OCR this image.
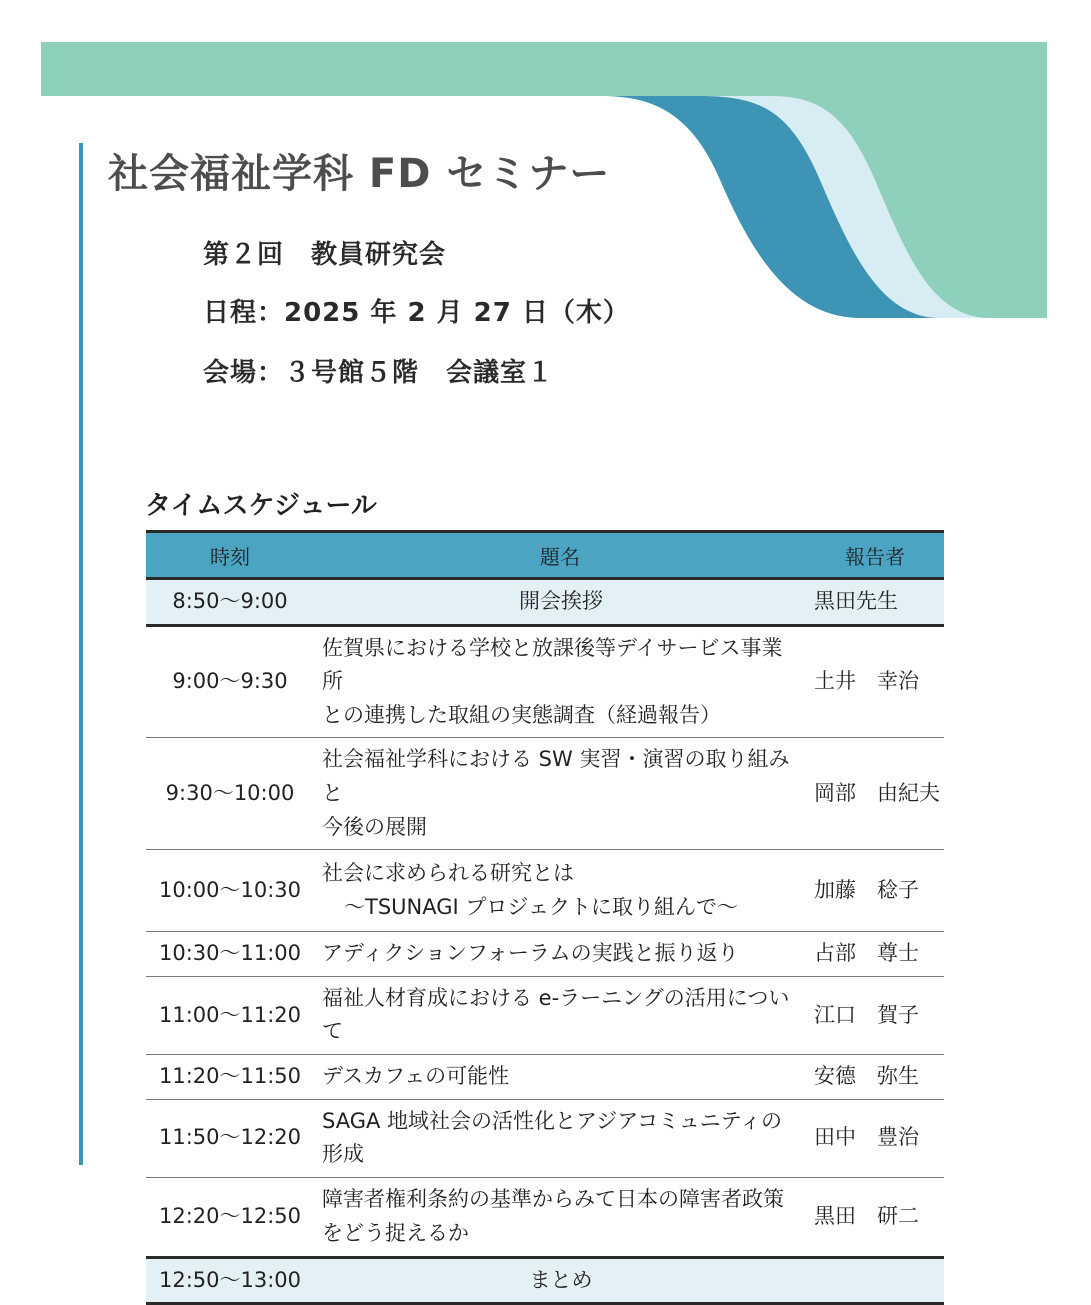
社会福祉学科 FD セミナー

第２回　教員研究会

日程：2025 年 2 月 27 日（木）

会場：３号館５階　会議室１

タイムスケジュール
時刻	題名	報告者
8:50～9:00	開会挨拶	黒田先生
9:00～9:30	佐賀県における学校と放課後等デイサービス事業所
との連携した取組の実態調査（経過報告）	土井　幸治
9:30～10:00	社会福祉学科における SW 実習・演習の取り組みと
今後の展開	岡部　由紀夫
10:00～10:30	社会に求められる研究とは
～TSUNAGI プロジェクトに取り組んで～	加藤　稔子
10:30～11:00	アディクションフォーラムの実践と振り返り	占部　尊士
11:00～11:20	福祉人材育成における e-ラーニングの活用について	江口　賀子
11:20～11:50	デスカフェの可能性	安德　弥生
11:50～12:20	SAGA 地域社会の活性化とアジアコミュニティの形成	田中　豊治
12:20～12:50	障害者権利条約の基準からみて日本の障害者政策
をどう捉えるか	黒田　研二
12:50～13:00	まとめ	
